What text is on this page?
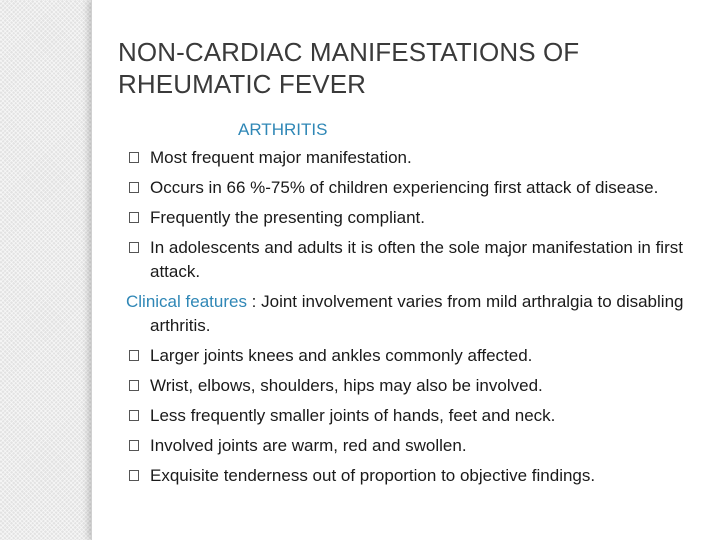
NON-CARDIAC MANIFESTATIONS OF
RHEUMATIC FEVER
ARTHRITIS
Most frequent major manifestation.
Occurs in 66 %-75% of children experiencing first attack of disease.
Frequently the presenting compliant.
In adolescents and adults it is often the sole major manifestation in first attack.
Clinical features : Joint involvement varies from mild arthralgia to disabling arthritis.
Larger joints knees and ankles commonly affected.
Wrist, elbows, shoulders, hips may also be involved.
Less frequently smaller joints of hands, feet and neck.
Involved joints are warm, red and swollen.
Exquisite tenderness out of proportion to objective findings.
